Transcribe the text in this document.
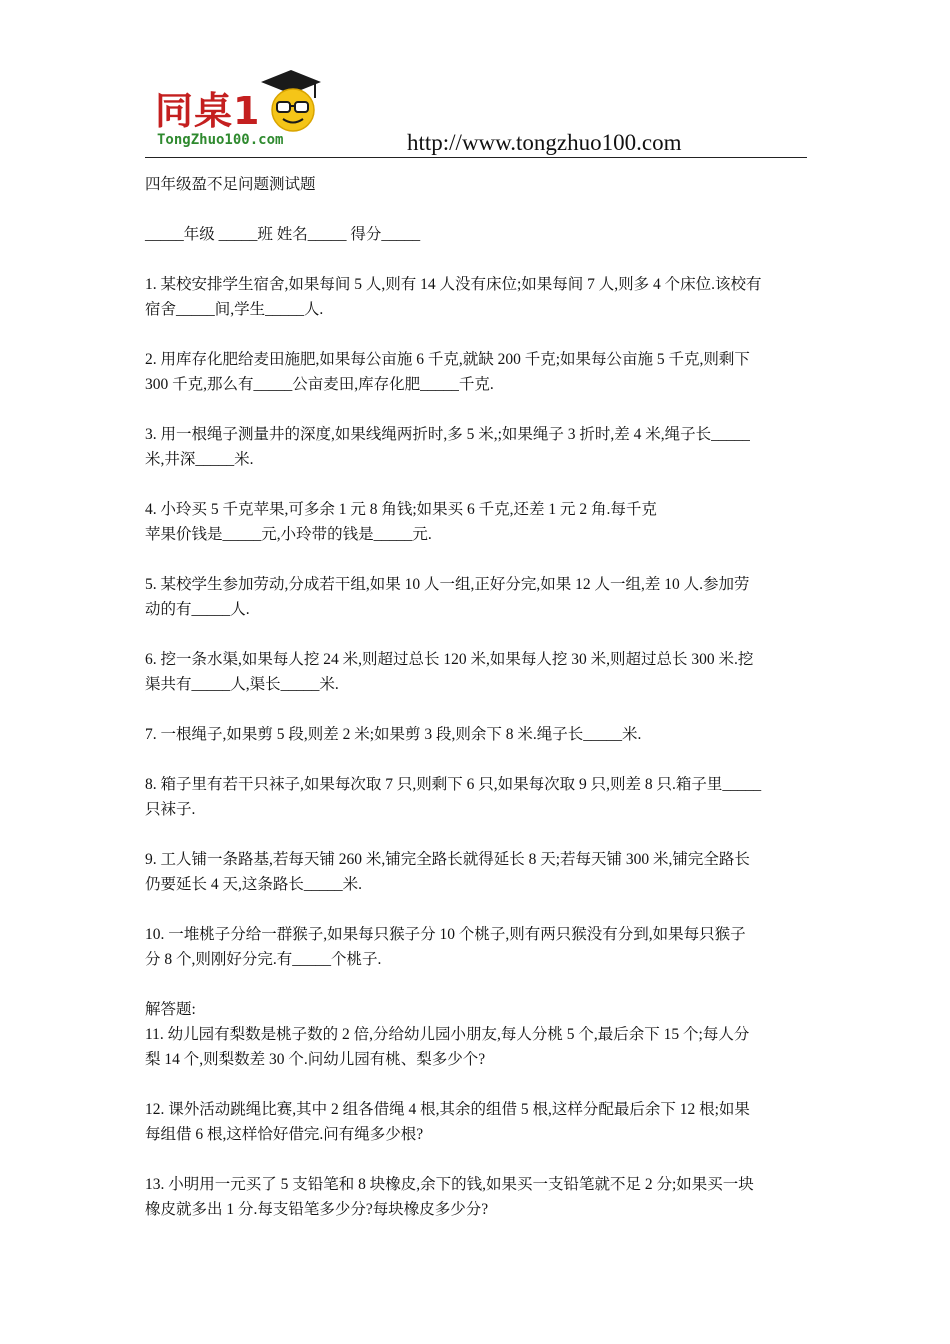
同桌1
TongZhuo100.com	http://www.tongzhuo100.com

四年级盈不足问题测试题

_____年级 _____班 姓名_____ 得分_____

1. 某校安排学生宿舍,如果每间 5 人,则有 14 人没有床位;如果每间 7 人,则多 4 个床位.该校有

宿舍_____间,学生_____人.

2. 用库存化肥给麦田施肥,如果每公亩施 6 千克,就缺 200 千克;如果每公亩施 5 千克,则剩下

300 千克,那么有_____公亩麦田,库存化肥_____千克.

3. 用一根绳子测量井的深度,如果线绳两折时,多 5 米,;如果绳子 3 折时,差 4 米,绳子长_____

米,井深_____米.

4. 小玲买 5 千克苹果,可多余 1 元 8 角钱;如果买 6 千克,还差 1 元 2 角.每千克

苹果价钱是_____元,小玲带的钱是_____元.

5. 某校学生参加劳动,分成若干组,如果 10 人一组,正好分完,如果 12 人一组,差 10 人.参加劳

动的有_____人.

6. 挖一条水渠,如果每人挖 24 米,则超过总长 120 米,如果每人挖 30 米,则超过总长 300 米.挖

渠共有_____人,渠长_____米.

7. 一根绳子,如果剪 5 段,则差 2 米;如果剪 3 段,则余下 8 米.绳子长_____米.

8. 箱子里有若干只袜子,如果每次取 7 只,则剩下 6 只,如果每次取 9 只,则差 8 只.箱子里_____

只袜子.

9. 工人铺一条路基,若每天铺 260 米,铺完全路长就得延长 8 天;若每天铺 300 米,铺完全路长

仍要延长 4 天,这条路长_____米.

10. 一堆桃子分给一群猴子,如果每只猴子分 10 个桃子,则有两只猴没有分到,如果每只猴子

分 8 个,则刚好分完.有_____个桃子.

解答题:

11. 幼儿园有梨数是桃子数的 2 倍,分给幼儿园小朋友,每人分桃 5 个,最后余下 15 个;每人分

梨 14 个,则梨数差 30 个.问幼儿园有桃、梨多少个?

12. 课外活动跳绳比赛,其中 2 组各借绳 4 根,其余的组借 5 根,这样分配最后余下 12 根;如果

每组借 6 根,这样恰好借完.问有绳多少根?

13. 小明用一元买了 5 支铅笔和 8 块橡皮,余下的钱,如果买一支铅笔就不足 2 分;如果买一块

橡皮就多出 1 分.每支铅笔多少分?每块橡皮多少分?
